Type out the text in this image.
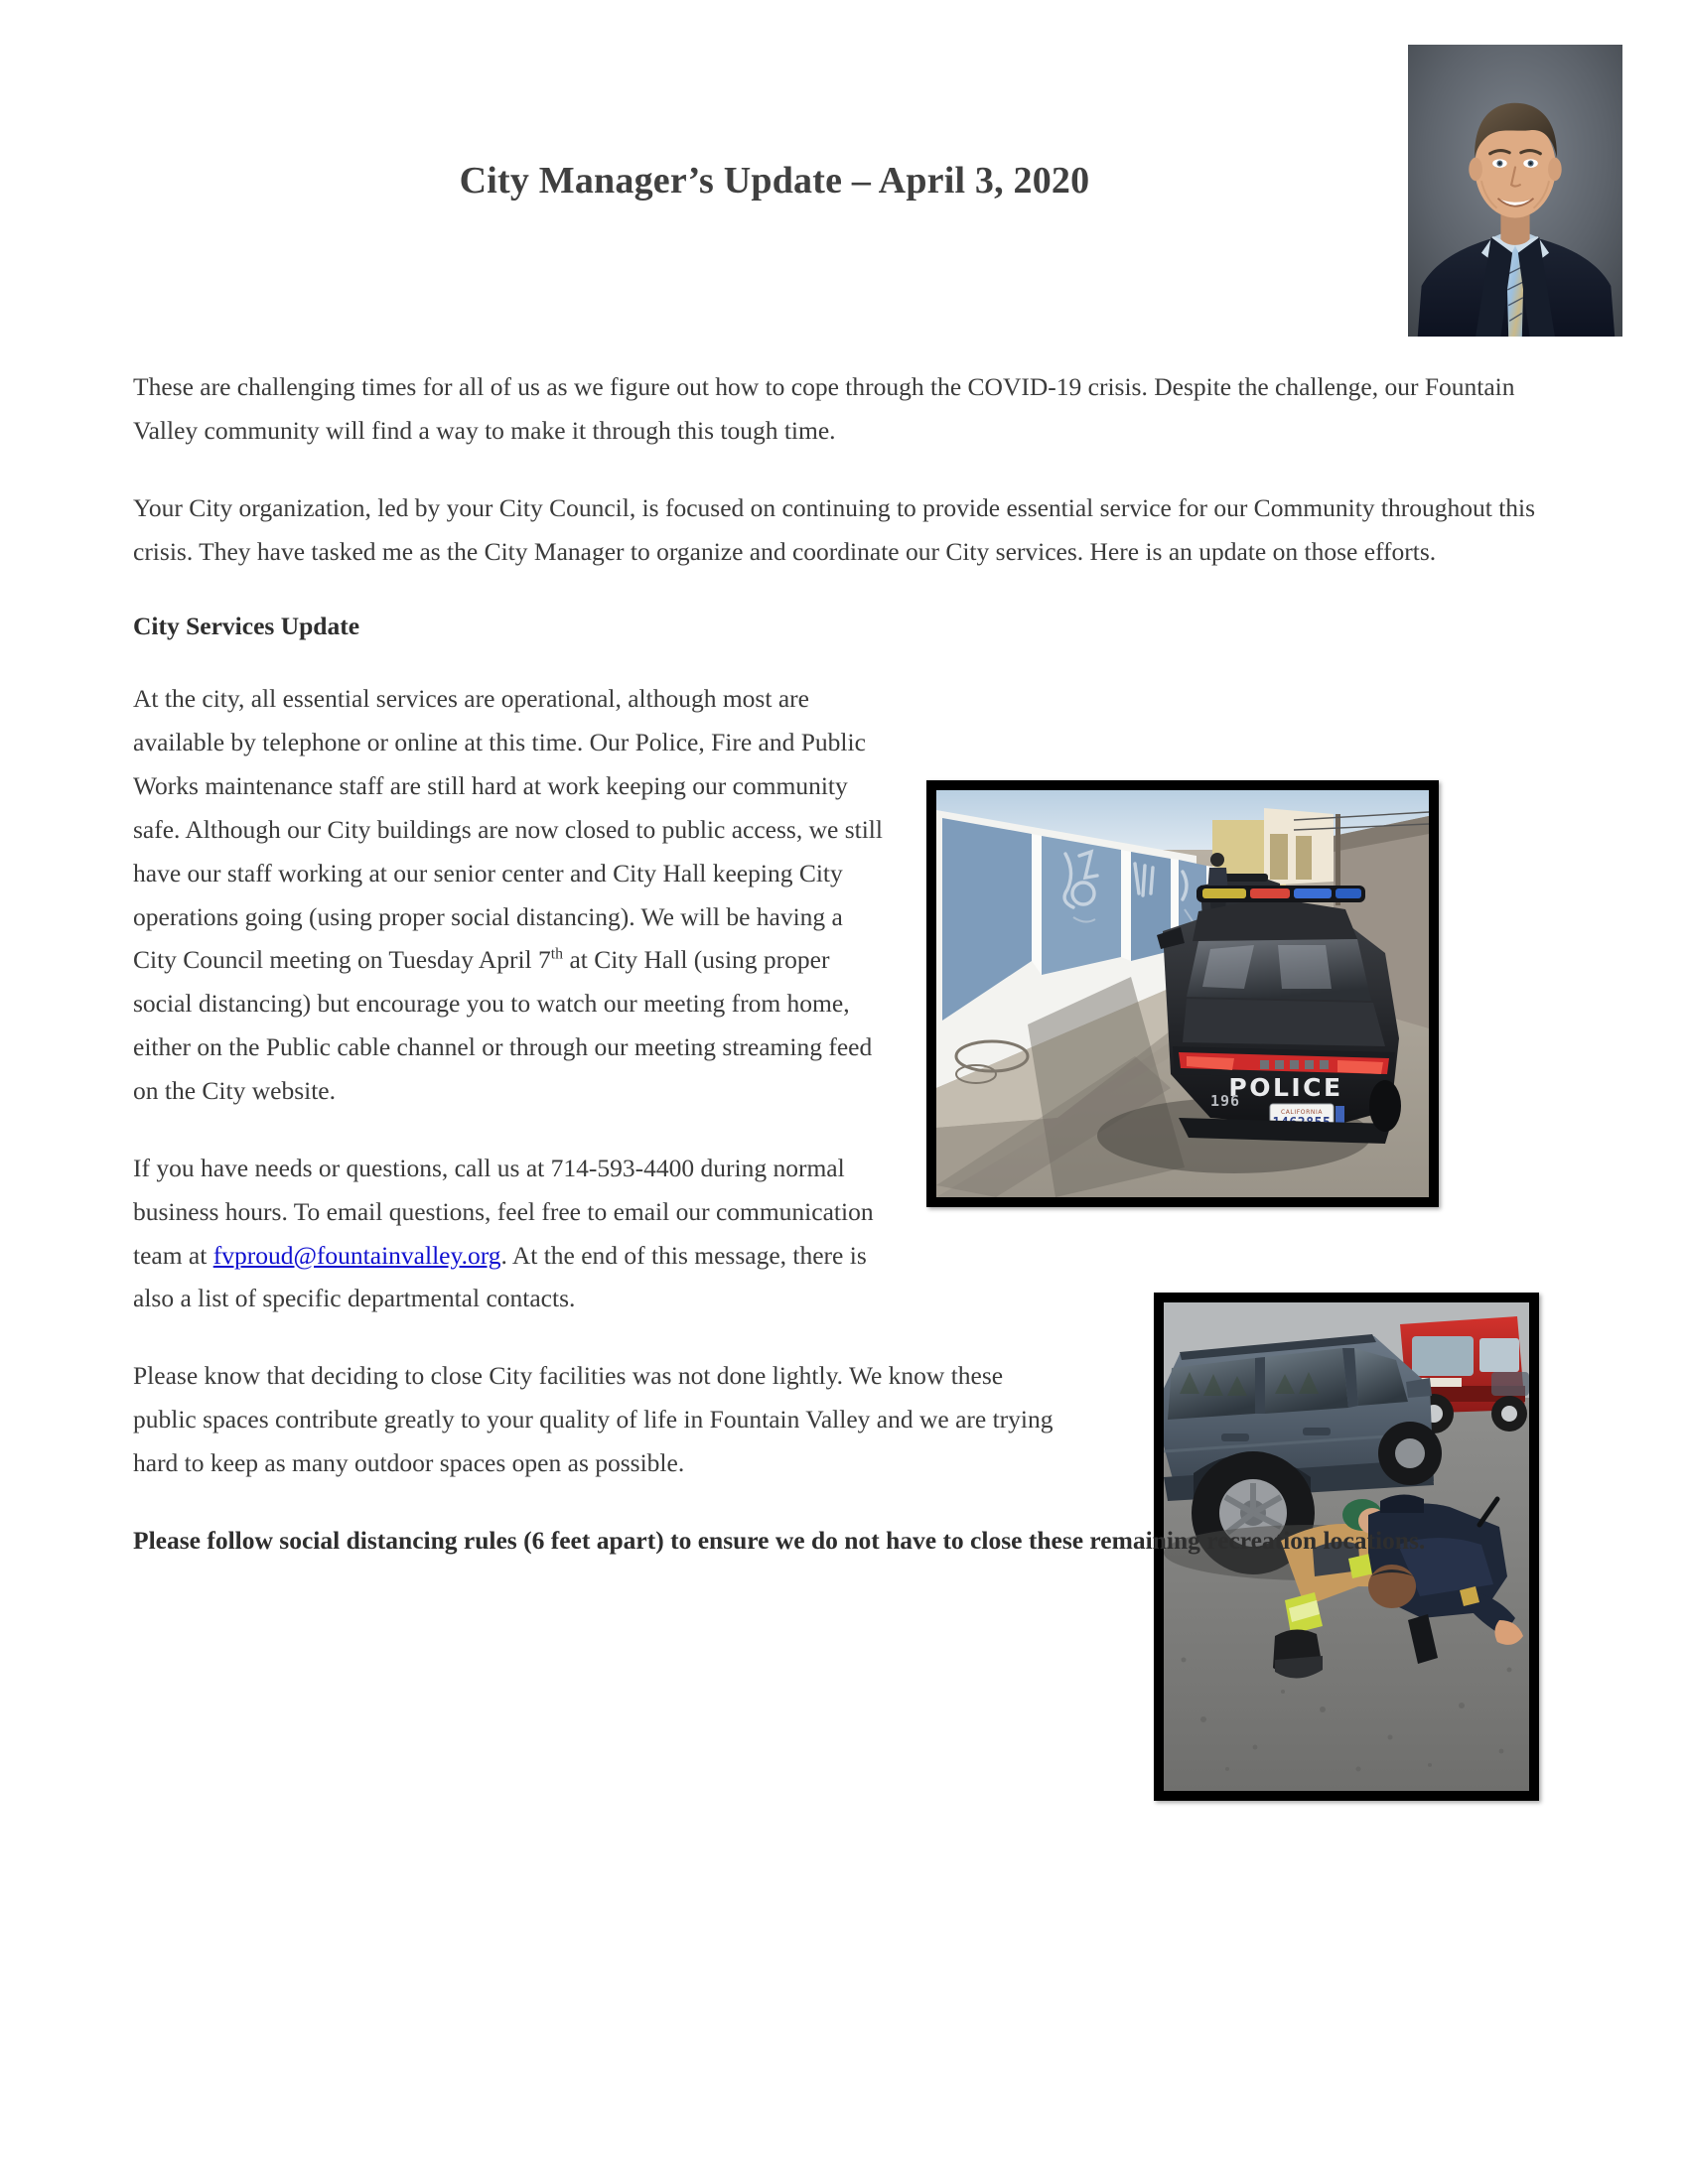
City Manager’s Update – April 3, 2020
POLICE
196
CALIFORNIA

These are challenging times for all of us as we figure out how to cope through the COVID-19 crisis. Despite the challenge, our Fountain Valley community will find a way to make it through this tough time.

Your City organization, led by your City Council, is focused on continuing to provide essential service for our Community throughout this crisis. They have tasked me as the City Manager to organize and coordinate our City services. Here is an update on those efforts.

City Services Update

At the city, all essential services are operational, although most are available by telephone or online at this time. Our Police, Fire and Public Works maintenance staff are still hard at work keeping our community safe. Although our City buildings are now closed to public access, we still have our staff working at our senior center and City Hall keeping City operations going (using proper social distancing). We will be having a City Council meeting on Tuesday April 7th at City Hall (using proper social distancing) but encourage you to watch our meeting from home, either on the Public cable channel or through our meeting streaming feed on the City website.

If you have needs or questions, call us at 714-593-4400 during normal business hours. To email questions, feel free to email our communication team at fvproud@fountainvalley.org. At the end of this message, there is also a list of specific departmental contacts.

Please know that deciding to close City facilities was not done lightly. We know these public spaces contribute greatly to your quality of life in Fountain Valley and we are trying hard to keep as many outdoor spaces open as possible.

Please follow social distancing rules (6 feet apart) to ensure we do not have to close these remaining recreation locations.
